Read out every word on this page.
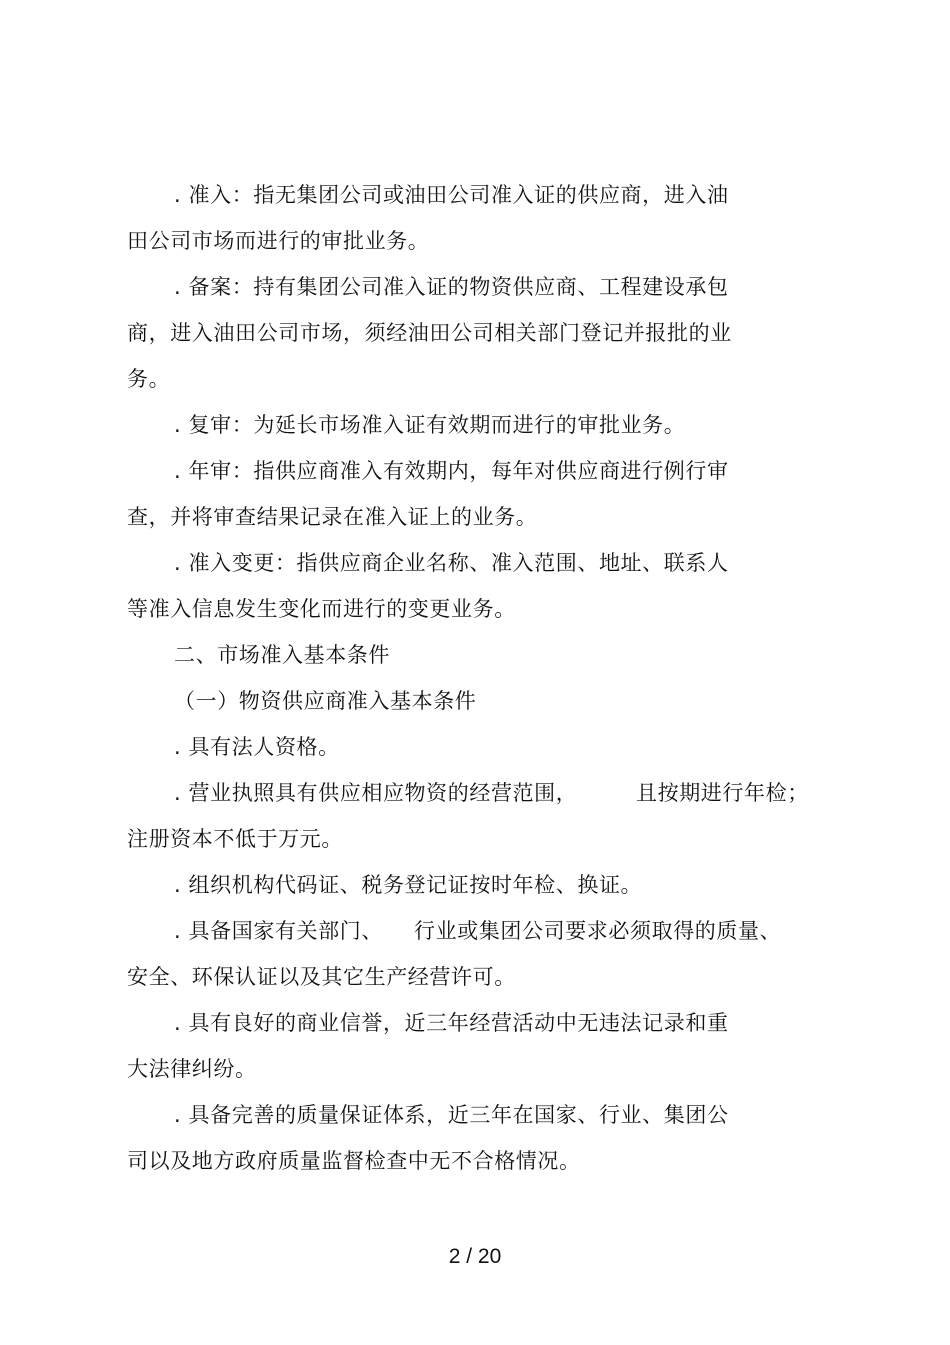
. 准入：指无集团公司或油田公司准入证的供应商，进入油
田公司市场而进行的审批业务。
. 备案：持有集团公司准入证的物资供应商、工程建设承包
商，进入油田公司市场，须经油田公司相关部门登记并报批的业
务。
. 复审：为延长市场准入证有效期而进行的审批业务。
. 年审：指供应商准入有效期内，每年对供应商进行例行审
查，并将审查结果记录在准入证上的业务。
. 准入变更：指供应商企业名称、准入范围、地址、联系人
等准入信息发生变化而进行的变更业务。
二、市场准入基本条件
（一）物资供应商准入基本条件
. 具有法人资格。
. 营业执照具有供应相应物资的经营范围，	且按期进行年检；
注册资本不低于万元。
. 组织机构代码证、税务登记证按时年检、换证。
. 具备国家有关部门、 行业或集团公司要求必须取得的质量、
安全、环保认证以及其它生产经营许可。
. 具有良好的商业信誉，近三年经营活动中无违法记录和重
大法律纠纷。
. 具备完善的质量保证体系，近三年在国家、行业、集团公
司以及地方政府质量监督检查中无不合格情况。
2 / 20
